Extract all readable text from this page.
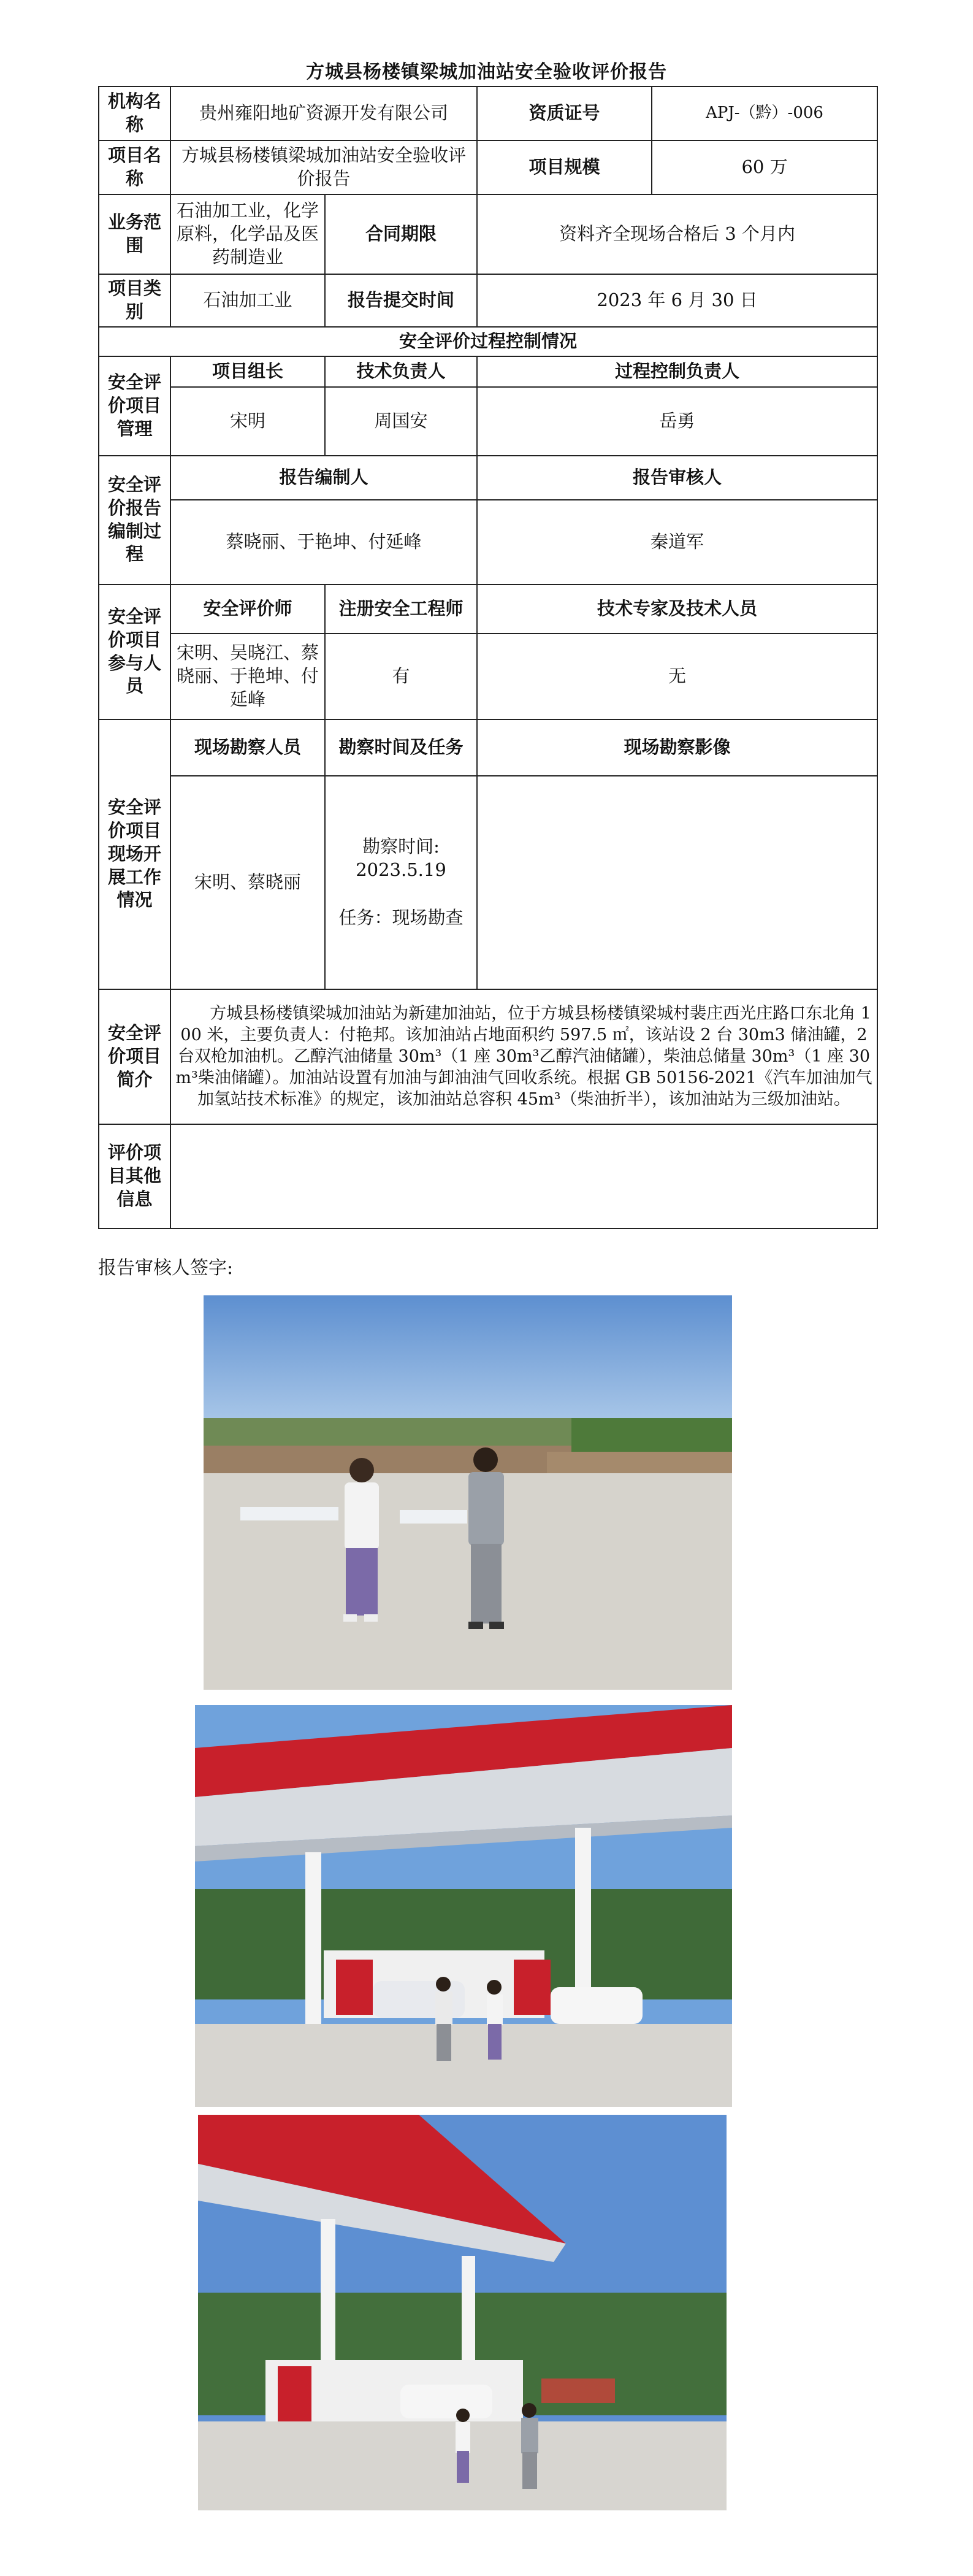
方城县杨楼镇梁城加油站安全验收评价报告
机构名称	贵州雍阳地矿资源开发有限公司		资质证号	APJ-（黔）-006
项目名称	方城县杨楼镇梁城加油站安全验收评价报告		项目规模	60 万
业务范围	石油加工业，化学原料，化学品及医药制造业	合同期限	资料齐全现场合格后 3 个月内	
项目类别	石油加工业	报告提交时间	2023 年 6 月 30 日	
安全评价过程控制情况				
安全评价项目管理	项目组长	技术负责人	过程控制负责人	
	宋明	周国安	岳勇	
安全评价报告编制过程	报告编制人		报告审核人	
	蔡晓丽、于艳坤、付延峰		秦道军	
安全评价项目参与人员	安全评价师	注册安全工程师	技术专家及技术人员	
	宋明、吴晓江、蔡晓丽、于艳坤、付延峰	有	无	
安全评价项目现场开展工作情况	现场勘察人员	勘察时间及任务	现场勘察影像	
	宋明、蔡晓丽	勘察时间:
2023.5.19
任务：现场勘查		

安全评价项目简介	方城县杨楼镇梁城加油站为新建加油站，位于方城县杨楼镇梁城村裴庄西光庄路口东北角 100 米，主要负责人：付艳邦。该加油站占地面积约 597.5 ㎡，该站设 2 台 30m3 储油罐，2 台双枪加油机。乙醇汽油储量 30m³（1 座 30m³乙醇汽油储罐），柴油总储量 30m³（1 座 30m³柴油储罐）。加油站设置有加油与卸油油气回收系统。根据 GB 50156-2021《汽车加油加气加氢站技术标准》的规定，该加油站总容积 45m³（柴油折半），该加油站为三级加油站。			
评价项目其他信息				
报告审核人签字:
